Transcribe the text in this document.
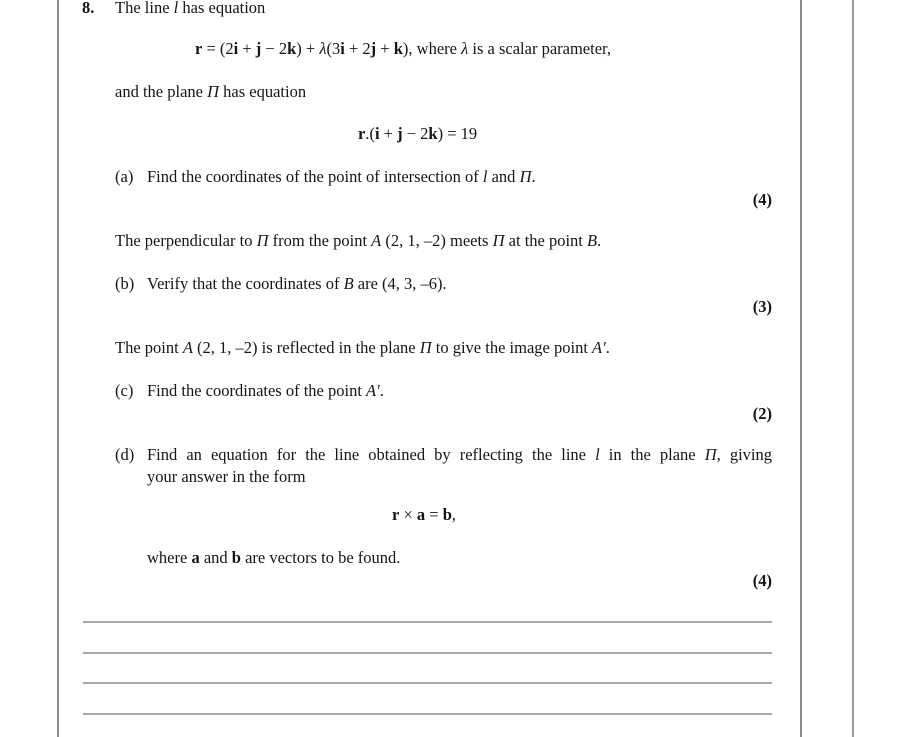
8. The line l has equation
r = (2i + j − 2k) + λ(3i + 2j + k), where λ is a scalar parameter,
and the plane Π has equation
r.(i + j − 2k) = 19
(a) Find the coordinates of the point of intersection of l and Π.
(4)
The perpendicular to Π from the point A (2, 1, –2) meets Π at the point B.
(b) Verify that the coordinates of B are (4, 3, –6).
(3)
The point A (2, 1, –2) is reflected in the plane Π to give the image point A′.
(c) Find the coordinates of the point A′.
(2)
(d) Find an equation for the line obtained by reflecting the line l in the plane Π, giving
your answer in the form
r × a = b,
where a and b are vectors to be found.
(4)
